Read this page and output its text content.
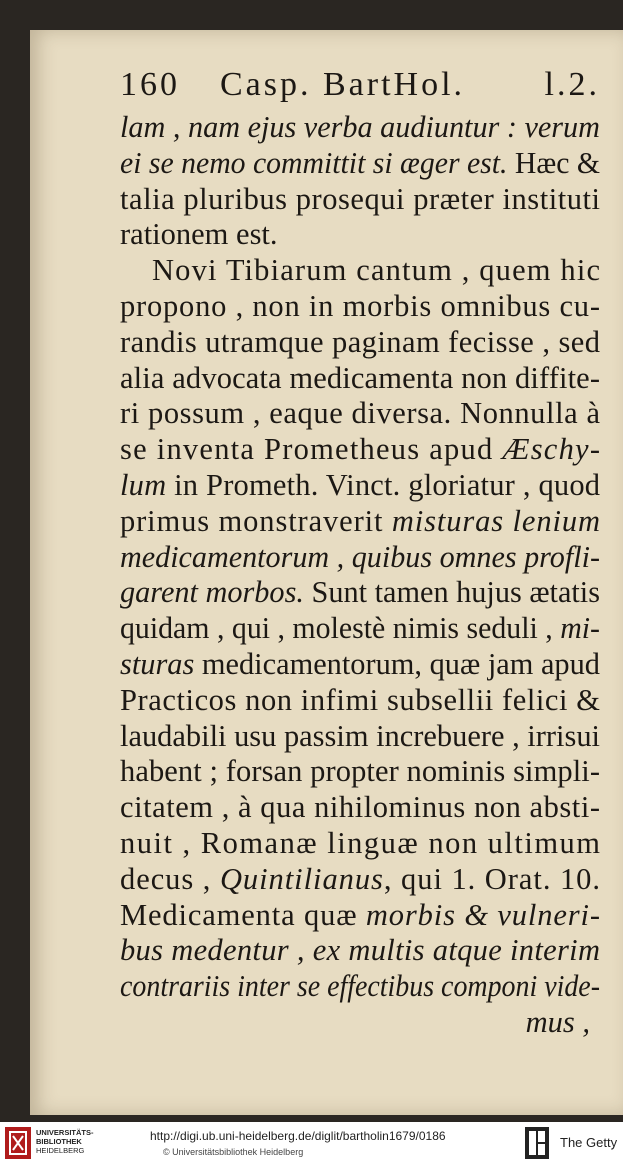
160 Casp. BartHol. l.2.
lam , nam ejus verba audiuntur : verum
ei se nemo committit si æger est. Hæc &
talia pluribus prosequi præter instituti
rationem est.
Novi Tibiarum cantum , quem hic
propono , non in morbis omnibus cu-
randis utramque paginam fecisse , sed
alia advocata medicamenta non diffite-
ri possum , eaque diversa. Nonnulla à
se inventa Prometheus apud Æschy-
lum in Prometh. Vinct. gloriatur , quod
primus monstraverit misturas lenium
medicamentorum , quibus omnes profli-
garent morbos. Sunt tamen hujus ætatis
quidam , qui , molestè nimis seduli , mi-
sturas medicamentorum, quæ jam apud
Practicos non infimi subsellii felici &
laudabili usu passim increbuere , irrisui
habent ; forsan propter nominis simpli-
citatem , à qua nihilominus non absti-
nuit , Romanæ linguæ non ultimum
decus , Quintilianus, qui 1. Orat. 10.
Medicamenta quæ morbis & vulneri-
bus medentur , ex multis atque interim
contrariis inter se effectibus componi vide-
mus ,
UNIVERSITÄTS-
BIBLIOTHEK
HEIDELBERG
http://digi.ub.uni-heidelberg.de/diglit/bartholin1679/0186
© Universitätsbibliothek Heidelberg
The Getty
